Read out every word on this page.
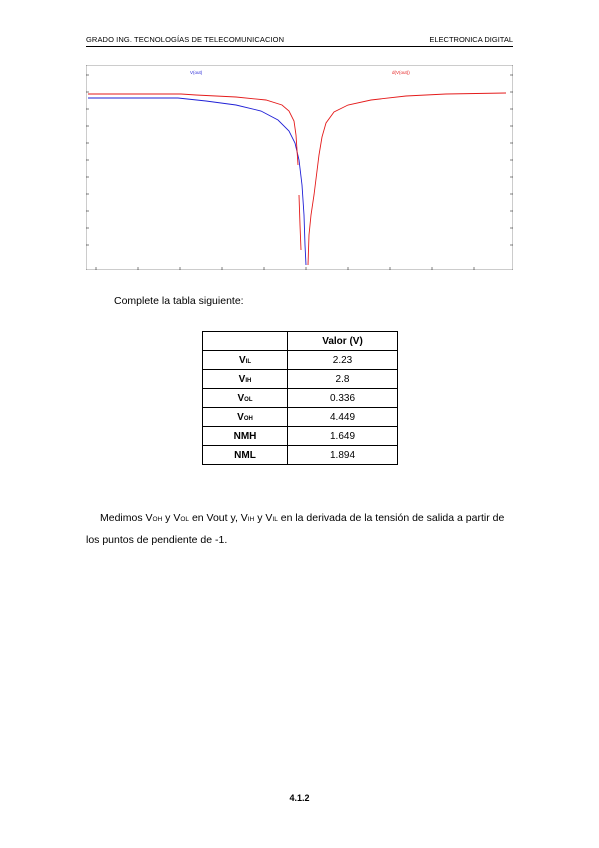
GRADO ING. TECNOLOGÍAS DE TELECOMUNICACION	ELECTRONICA DIGITAL
V(out)	d(V(out))
Complete la tabla siguiente:
	Valor (V)
VIL	2.23
VIH	2.8
VOL	0.336
VOH	4.449
NMH	1.649
NML	1.894
Medimos VOH y VOL en Vout y, VIH y VIL en la derivada de la tensión de salida a partir de los puntos de pendiente de -1.
4.1.2
